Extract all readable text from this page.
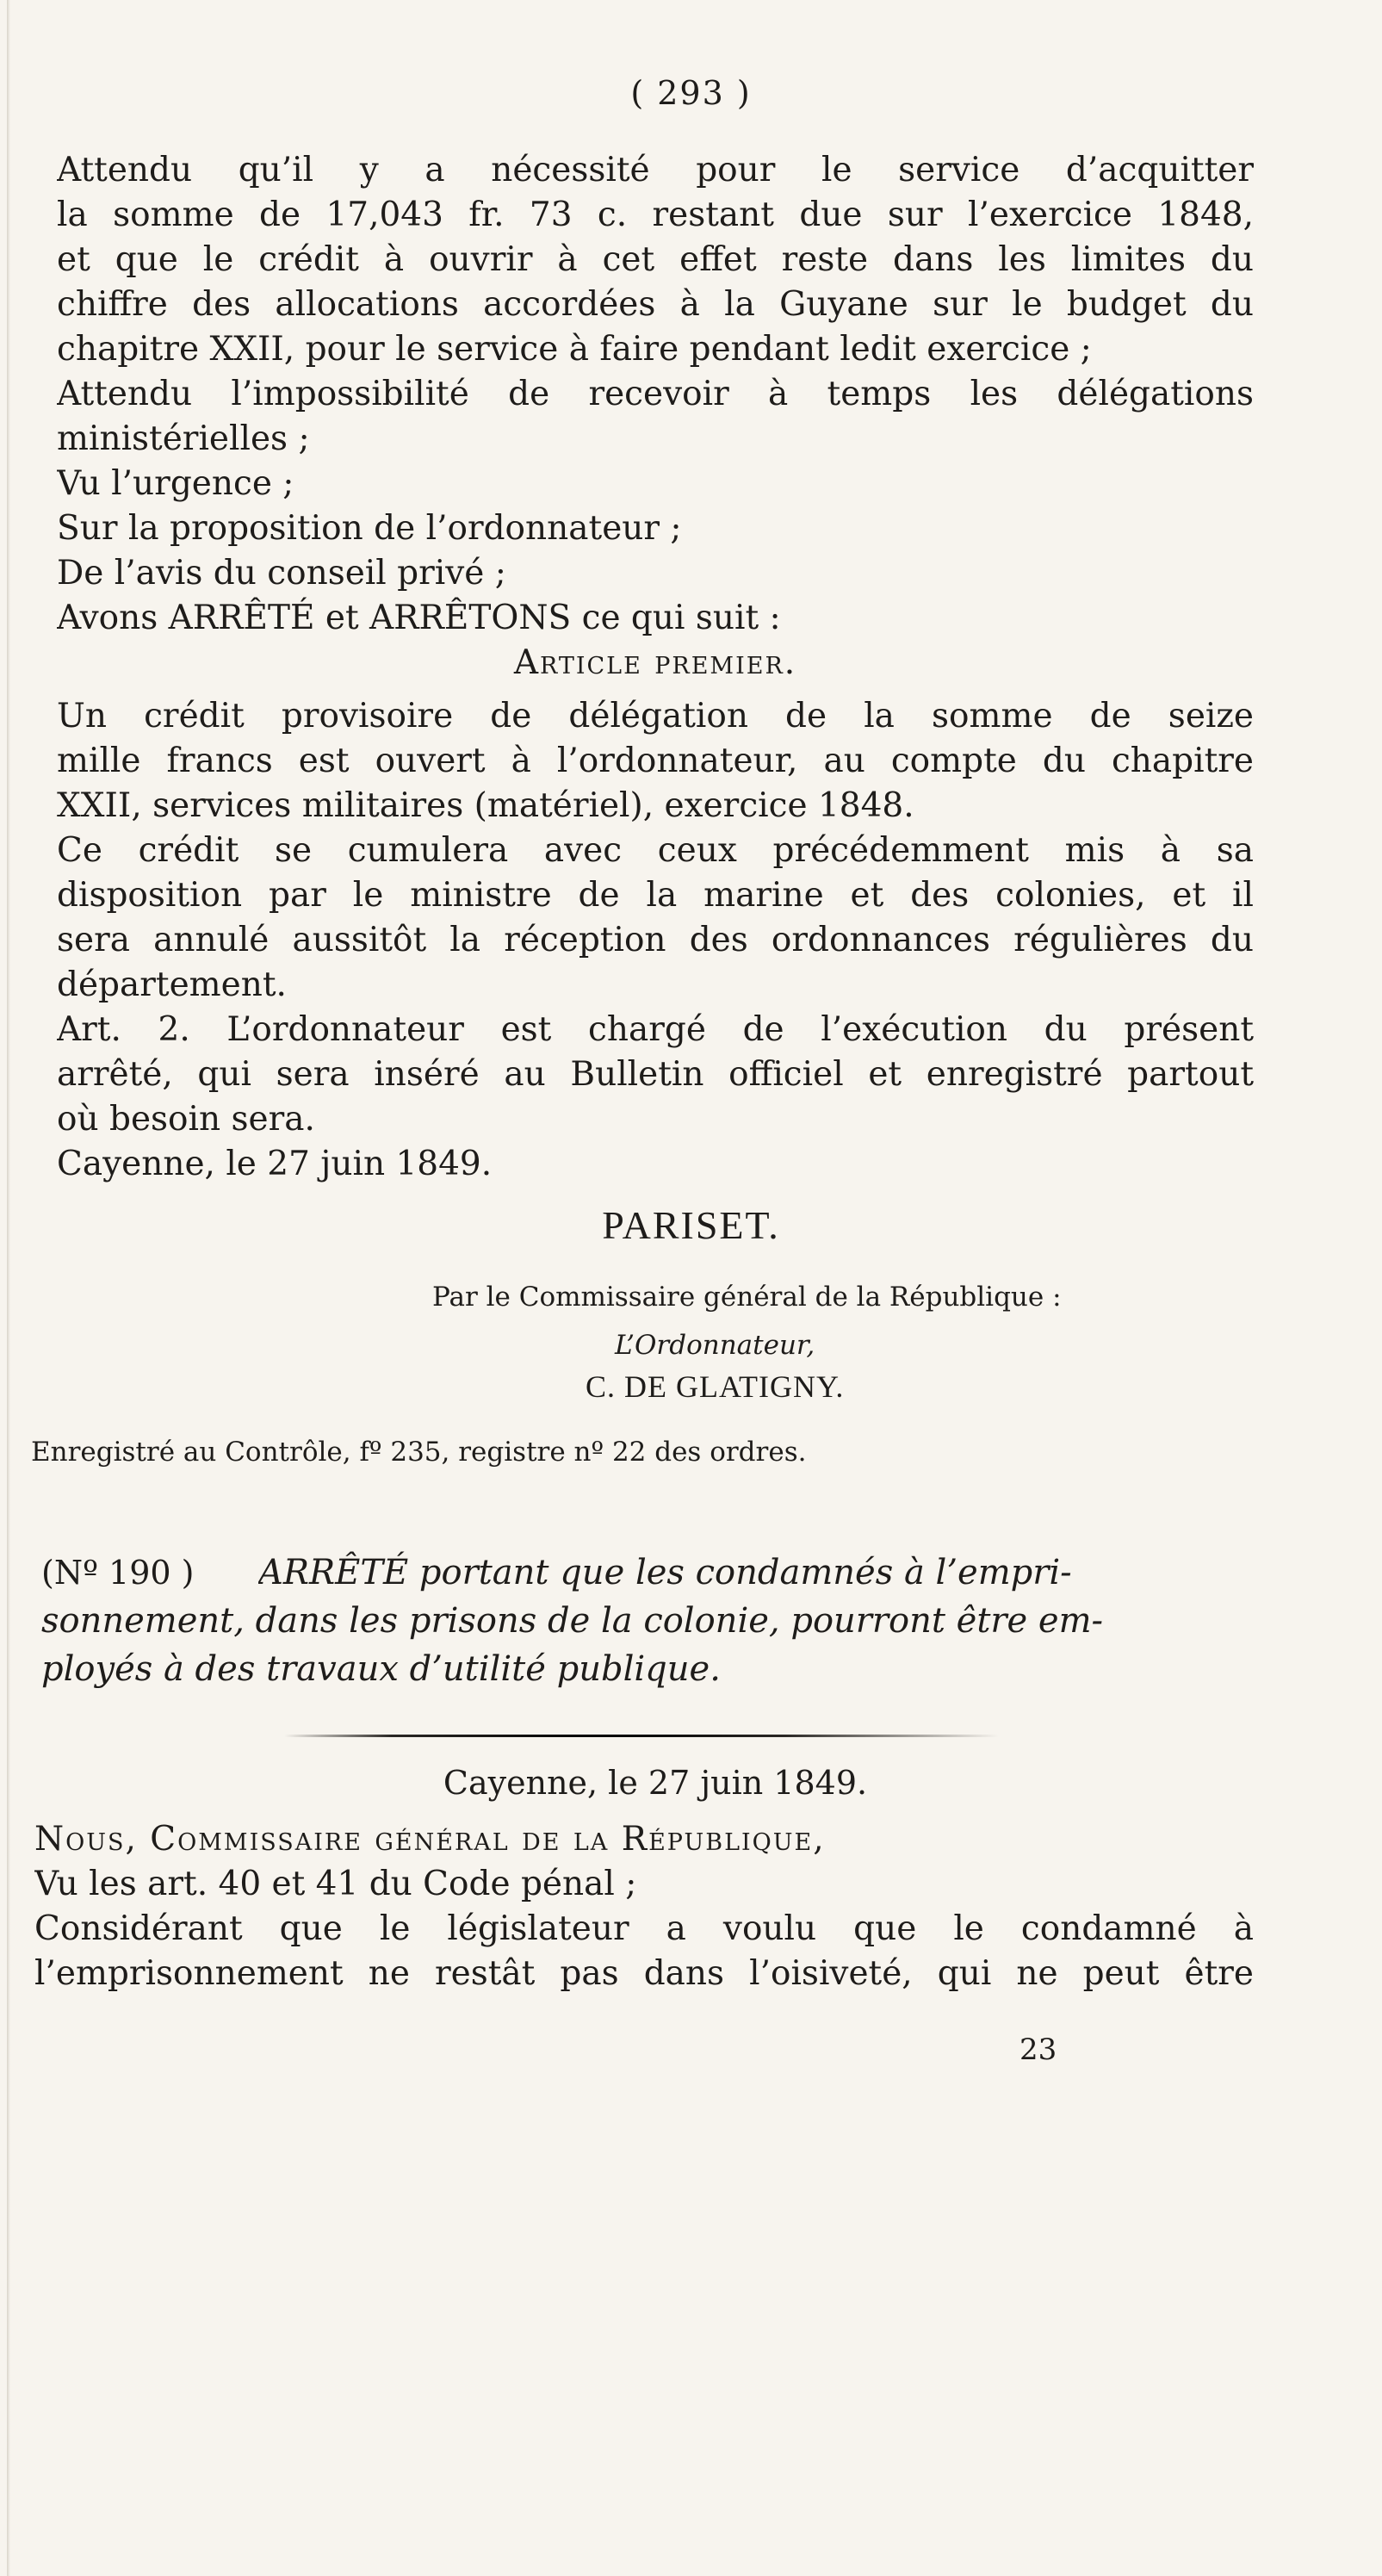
( 293 )
Attendu qu’il y a nécessité pour le service d’acquitter
la somme de 17,043 fr. 73 c. restant due sur l’exercice 1848,
et que le crédit à ouvrir à cet effet reste dans les limites du
chiffre des allocations accordées à la Guyane sur le budget du
chapitre XXII, pour le service à faire pendant ledit exercice ;
Attendu l’impossibilité de recevoir à temps les délégations
ministérielles ;
Vu l’urgence ;
Sur la proposition de l’ordonnateur ;
De l’avis du conseil privé ;
Avons ARRÊTÉ et ARRÊTONS ce qui suit :
Article premier.
Un crédit provisoire de délégation de la somme de seize
mille francs est ouvert à l’ordonnateur, au compte du chapitre
XXII, services militaires (matériel), exercice 1848.
Ce crédit se cumulera avec ceux précédemment mis à sa
disposition par le ministre de la marine et des colonies, et il
sera annulé aussitôt la réception des ordonnances régulières du
département.
Art. 2. L’ordonnateur est chargé de l’exécution du présent
arrêté, qui sera inséré au Bulletin officiel et enregistré partout
où besoin sera.
Cayenne, le 27 juin 1849.
PARISET.
Par le Commissaire général de la République :
L’Ordonnateur,
C. DE GLATIGNY.
Enregistré au Contrôle, fº 235, registre nº 22 des ordres.
(Nº 190 ) ARRÊTÉ portant que les condamnés à l’empri-
sonnement, dans les prisons de la colonie, pourront être em-
ployés à des travaux d’utilité publique.
Cayenne, le 27 juin 1849.
Nous, Commissaire général de la République,
Vu les art. 40 et 41 du Code pénal ;
Considérant que le législateur a voulu que le condamné à
l’emprisonnement ne restât pas dans l’oisiveté, qui ne peut être
23
